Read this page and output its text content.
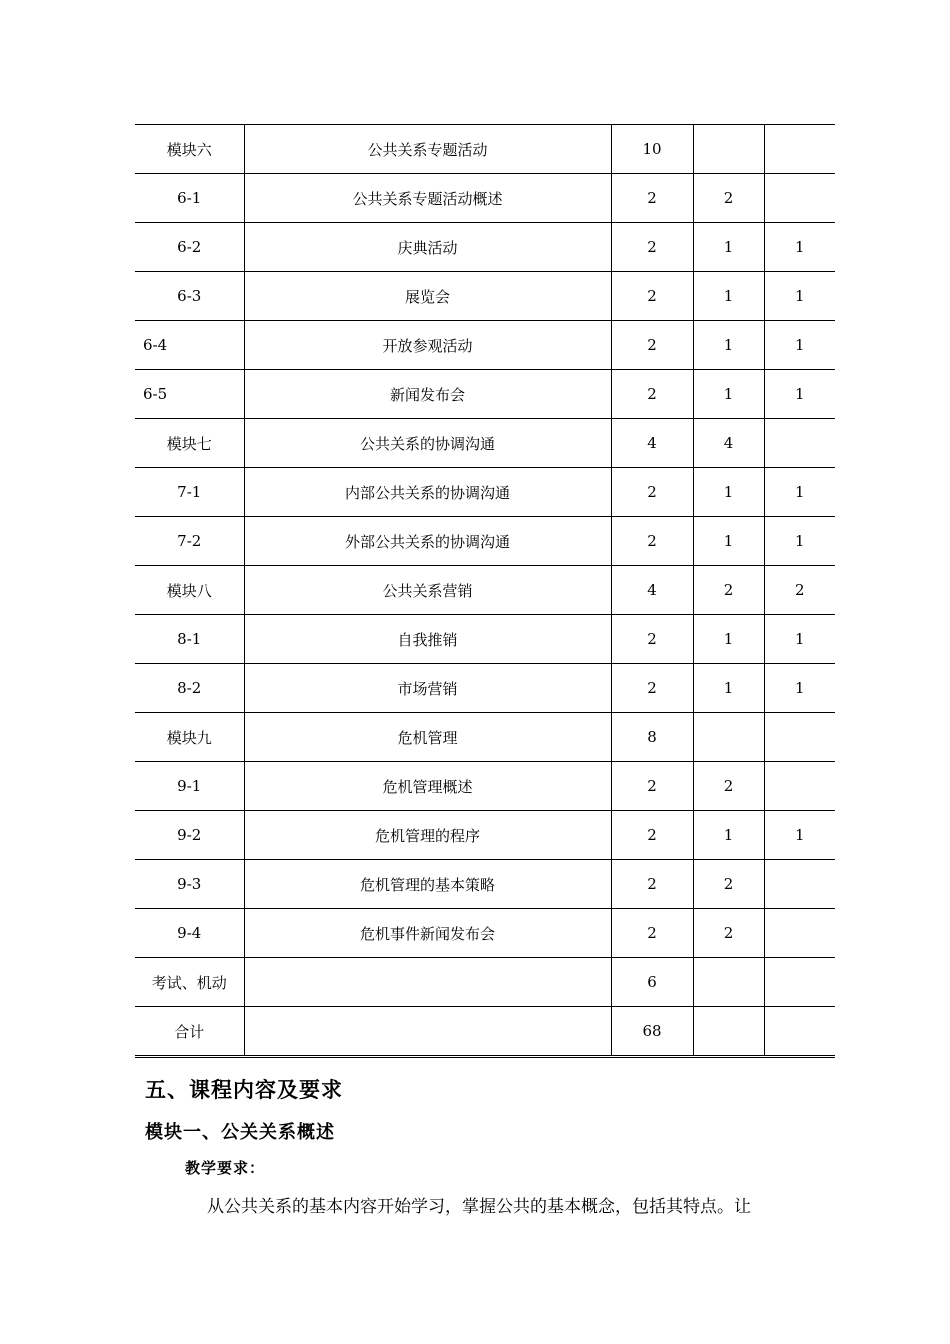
模块六	公共关系专题活动	10		
6-1	公共关系专题活动概述	2	2	
6-2	庆典活动	2	1	1
6-3	展览会	2	1	1
6-4	开放参观活动	2	1	1
6-5	新闻发布会	2	1	1
模块七	公共关系的协调沟通	4	4	
7-1	内部公共关系的协调沟通	2	1	1
7-2	外部公共关系的协调沟通	2	1	1
模块八	公共关系营销	4	2	2
8-1	自我推销	2	1	1
8-2	市场营销	2	1	1
模块九	危机管理	8		
9-1	危机管理概述	2	2	
9-2	危机管理的程序	2	1	1
9-3	危机管理的基本策略	2	2	
9-4	危机事件新闻发布会	2	2	
考试、机动		6		
合计		68		
五、课程内容及要求
模块一、公关关系概述
教学要求：
从公共关系的基本内容开始学习，掌握公共的基本概念，包括其特点。让
